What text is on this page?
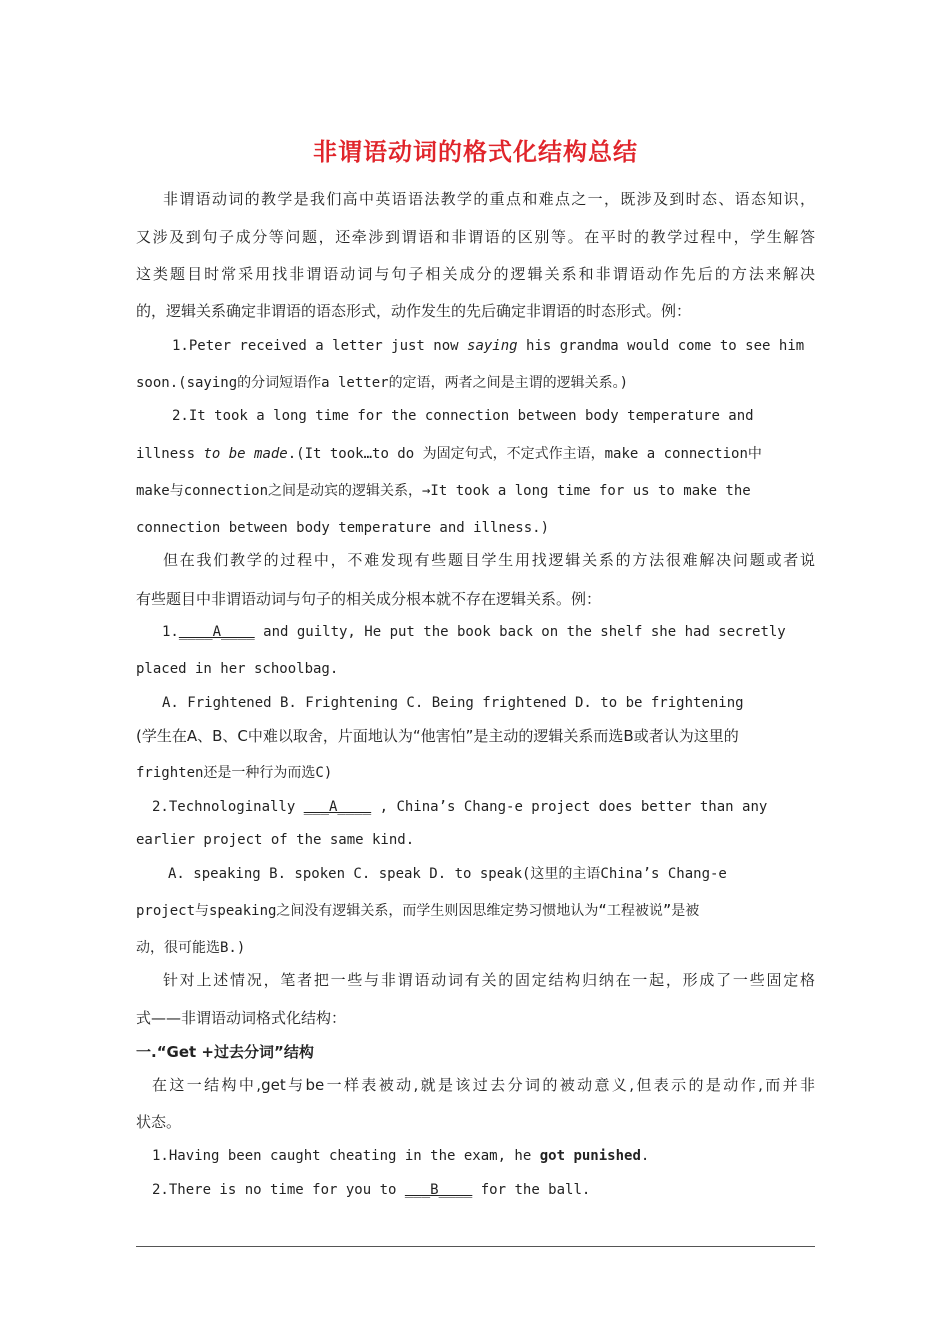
非谓语动词的格式化结构总结
非谓语动词的教学是我们高中英语语法教学的重点和难点之一，既涉及到时态、语态知识，
又涉及到句子成分等问题，还牵涉到谓语和非谓语的区别等。在平时的教学过程中，学生解答
这类题目时常采用找非谓语动词与句子相关成分的逻辑关系和非谓语动作先后的方法来解决
的，逻辑关系确定非谓语的语态形式，动作发生的先后确定非谓语的时态形式。例：
1.Peter received a letter just now saying his grandma would come to see him
soon.(saying的分词短语作a letter的定语，两者之间是主谓的逻辑关系。)
2.It took a long time for the connection between body temperature and
illness to be made.(It took…to do 为固定句式，不定式作主语，make a connection中
make与connection之间是动宾的逻辑关系，→It took a long time for us to make the
connection between body temperature and illness.)
但在我们教学的过程中，不难发现有些题目学生用找逻辑关系的方法很难解决问题或者说
有些题目中非谓语动词与句子的相关成分根本就不存在逻辑关系。例：
1.____A____ and guilty, He put the book back on the shelf she had secretly
placed in her schoolbag.
A. Frightened B. Frightening C. Being frightened D. to be frightening
(学生在A、B、C中难以取舍，片面地认为“他害怕”是主动的逻辑关系而选B或者认为这里的
frighten还是一种行为而选C)
2.Technologinally ___A____ , China’s Chang-e project does better than any
earlier project of the same kind.
A. speaking B. spoken C. speak D. to speak(这里的主语China’s Chang-e
project与speaking之间没有逻辑关系，而学生则因思维定势习惯地认为“工程被说”是被
动，很可能选B.)
针对上述情况，笔者把一些与非谓语动词有关的固定结构归纳在一起，形成了一些固定格
式——非谓语动词格式化结构：
一.“Get +过去分词”结构
在这一结构中,get与be一样表被动,就是该过去分词的被动意义,但表示的是动作,而并非
状态。
1.Having been caught cheating in the exam, he got punished.
2.There is no time for you to ___B____ for the ball.
